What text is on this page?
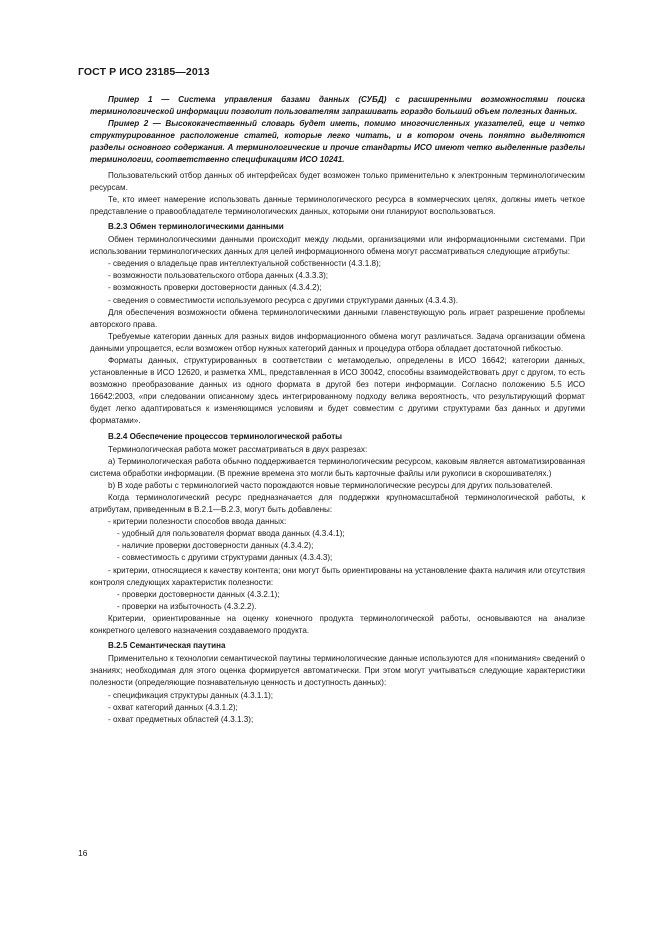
ГОСТ Р ИСО 23185—2013

Пример 1 — Система управления базами данных (СУБД) с расширенными возможностями поиска терминологической информации позволит пользователям запрашивать гораздо больший объем полезных данных.

Пример 2 — Высококачественный словарь будет иметь, помимо многочисленных указателей, еще и четко структурированное расположение статей, которые легко читать, и в котором очень понятно выделяются разделы основного содержания. А терминологические и прочие стандарты ИСО имеют четко выделенные разделы терминологии, соответственно спецификациям ИСО 10241.

Пользовательский отбор данных об интерфейсах будет возможен только применительно к электронным терминологическим ресурсам.

Те, кто имеет намерение использовать данные терминологического ресурса в коммерческих целях, должны иметь четкое представление о правообладателе терминологических данных, которыми они планируют воспользоваться.

В.2.3 Обмен терминологическими данными

Обмен терминологическими данными происходит между людьми, организациями или информационными системами. При использовании терминологических данных для целей информационного обмена могут рассматриваться следующие атрибуты:

- сведения о владельце прав интеллектуальной собственности (4.3.1.8);

- возможности пользовательского отбора данных (4.3.3.3);

- возможность проверки достоверности данных (4.3.4.2);

- сведения о совместимости используемого ресурса с другими структурами данных (4.3.4.3).

Для обеспечения возможности обмена терминологическими данными главенствующую роль играет разрешение проблемы авторского права.

Требуемые категории данных для разных видов информационного обмена могут различаться. Задача организации обмена данными упрощается, если возможен отбор нужных категорий данных и процедура отбора обладает достаточной гибкостью.

Форматы данных, структурированных в соответствии с метамоделью, определены в ИСО 16642; категории данных, установленные в ИСО 12620, и разметка XML, представленная в ИСО 30042, способны взаимодействовать друг с другом, то есть возможно преобразование данных из одного формата в другой без потери информации. Согласно положению 5.5 ИСО 16642:2003, «при следовании описанному здесь интегрированному подходу велика вероятность, что результирующий формат будет легко адаптироваться к изменяющимся условиям и будет совместим с другими структурами баз данных и другими форматами».

В.2.4 Обеспечение процессов терминологической работы

Терминологическая работа может рассматриваться в двух разрезах:

а) Терминологическая работа обычно поддерживается терминологическим ресурсом, каковым является автоматизированная система обработки информации. (В прежние времена это могли быть карточные файлы или рукописи в скорошивателях.)

b) В ходе работы с терминологией часто порождаются новые терминологические ресурсы для других пользователей.

Когда терминологический ресурс предназначается для поддержки крупномасштабной терминологической работы, к атрибутам, приведенным в В.2.1—В.2.3, могут быть добавлены:

- критерии полезности способов ввода данных:

- удобный для пользователя формат ввода данных (4.3.4.1);

- наличие проверки достоверности данных (4.3.4.2);

- совместимость с другими структурами данных (4.3.4.3);

- критерии, относящиеся к качеству контента; они могут быть ориентированы на установление факта наличия или отсутствия контроля следующих характеристик полезности:

- проверки достоверности данных (4.3.2.1);

- проверки на избыточность (4.3.2.2).

Критерии, ориентированные на оценку конечного продукта терминологической работы, основываются на анализе конкретного целевого назначения создаваемого продукта.

В.2.5 Семантическая паутина

Применительно к технологии семантической паутины терминологические данные используются для «понимания» сведений о знаниях; необходимая для этого оценка формируется автоматически. При этом могут учитываться следующие характеристики полезности (определяющие познавательную ценность и доступность данных):

- спецификация структуры данных (4.3.1.1);

- охват категорий данных (4.3.1.2);

- охват предметных областей (4.3.1.3);

16
